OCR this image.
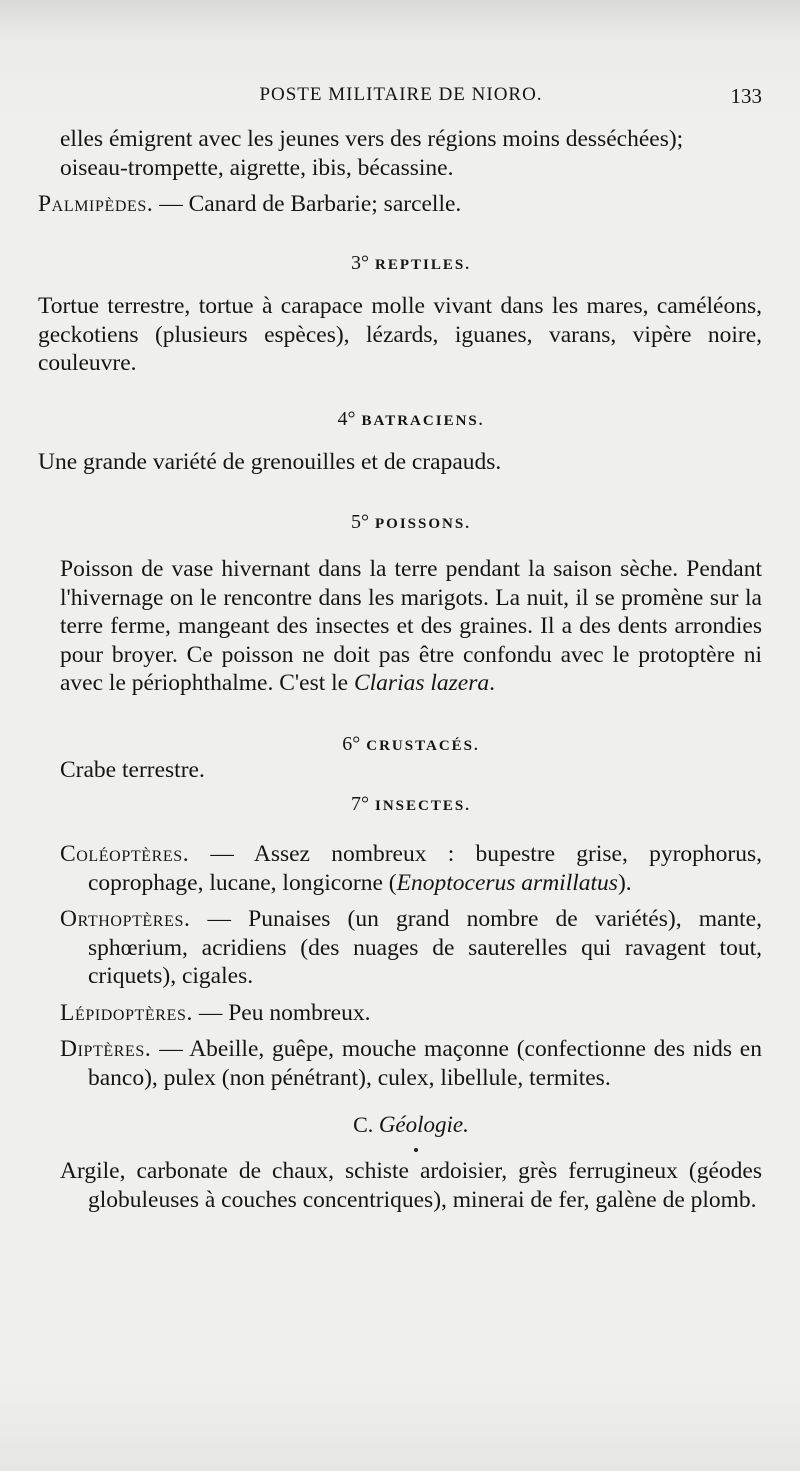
POSTE MILITAIRE DE NIORO.	133

elles émigrent avec les jeunes vers des régions moins desséchées);

oiseau-trompette, aigrette, ibis, bécassine.

Palmipèdes. — Canard de Barbarie; sarcelle.

3° REPTILES.

Tortue terrestre, tortue à carapace molle vivant dans les mares, caméléons, geckotiens (plusieurs espèces), lézards, iguanes, varans, vipère noire, couleuvre.

4° BATRACIENS.

Une grande variété de grenouilles et de crapauds.

5° POISSONS.

Poisson de vase hivernant dans la terre pendant la saison sèche. Pendant l'hivernage on le rencontre dans les marigots. La nuit, il se promène sur la terre ferme, mangeant des insectes et des graines. Il a des dents arrondies pour broyer. Ce poisson ne doit pas être confondu avec le protoptère ni avec le périophthalme. C'est le Clarias lazera.

6° CRUSTACÉS.

Crabe terrestre.

7° INSECTES.

Coléoptères. — Assez nombreux : bupestre grise, pyrophorus, coprophage, lucane, longicorne (Enoptocerus armillatus).

Orthoptères. — Punaises (un grand nombre de variétés), mante, sphœrium, acridiens (des nuages de sauterelles qui ravagent tout, criquets), cigales.

Lépidoptères. — Peu nombreux.

Diptères. — Abeille, guêpe, mouche maçonne (confectionne des nids en banco), pulex (non pénétrant), culex, libellule, termites.

C. Géologie.

Argile, carbonate de chaux, schiste ardoisier, grès ferrugineux (géodes globuleuses à couches concentriques), minerai de fer, galène de plomb.
